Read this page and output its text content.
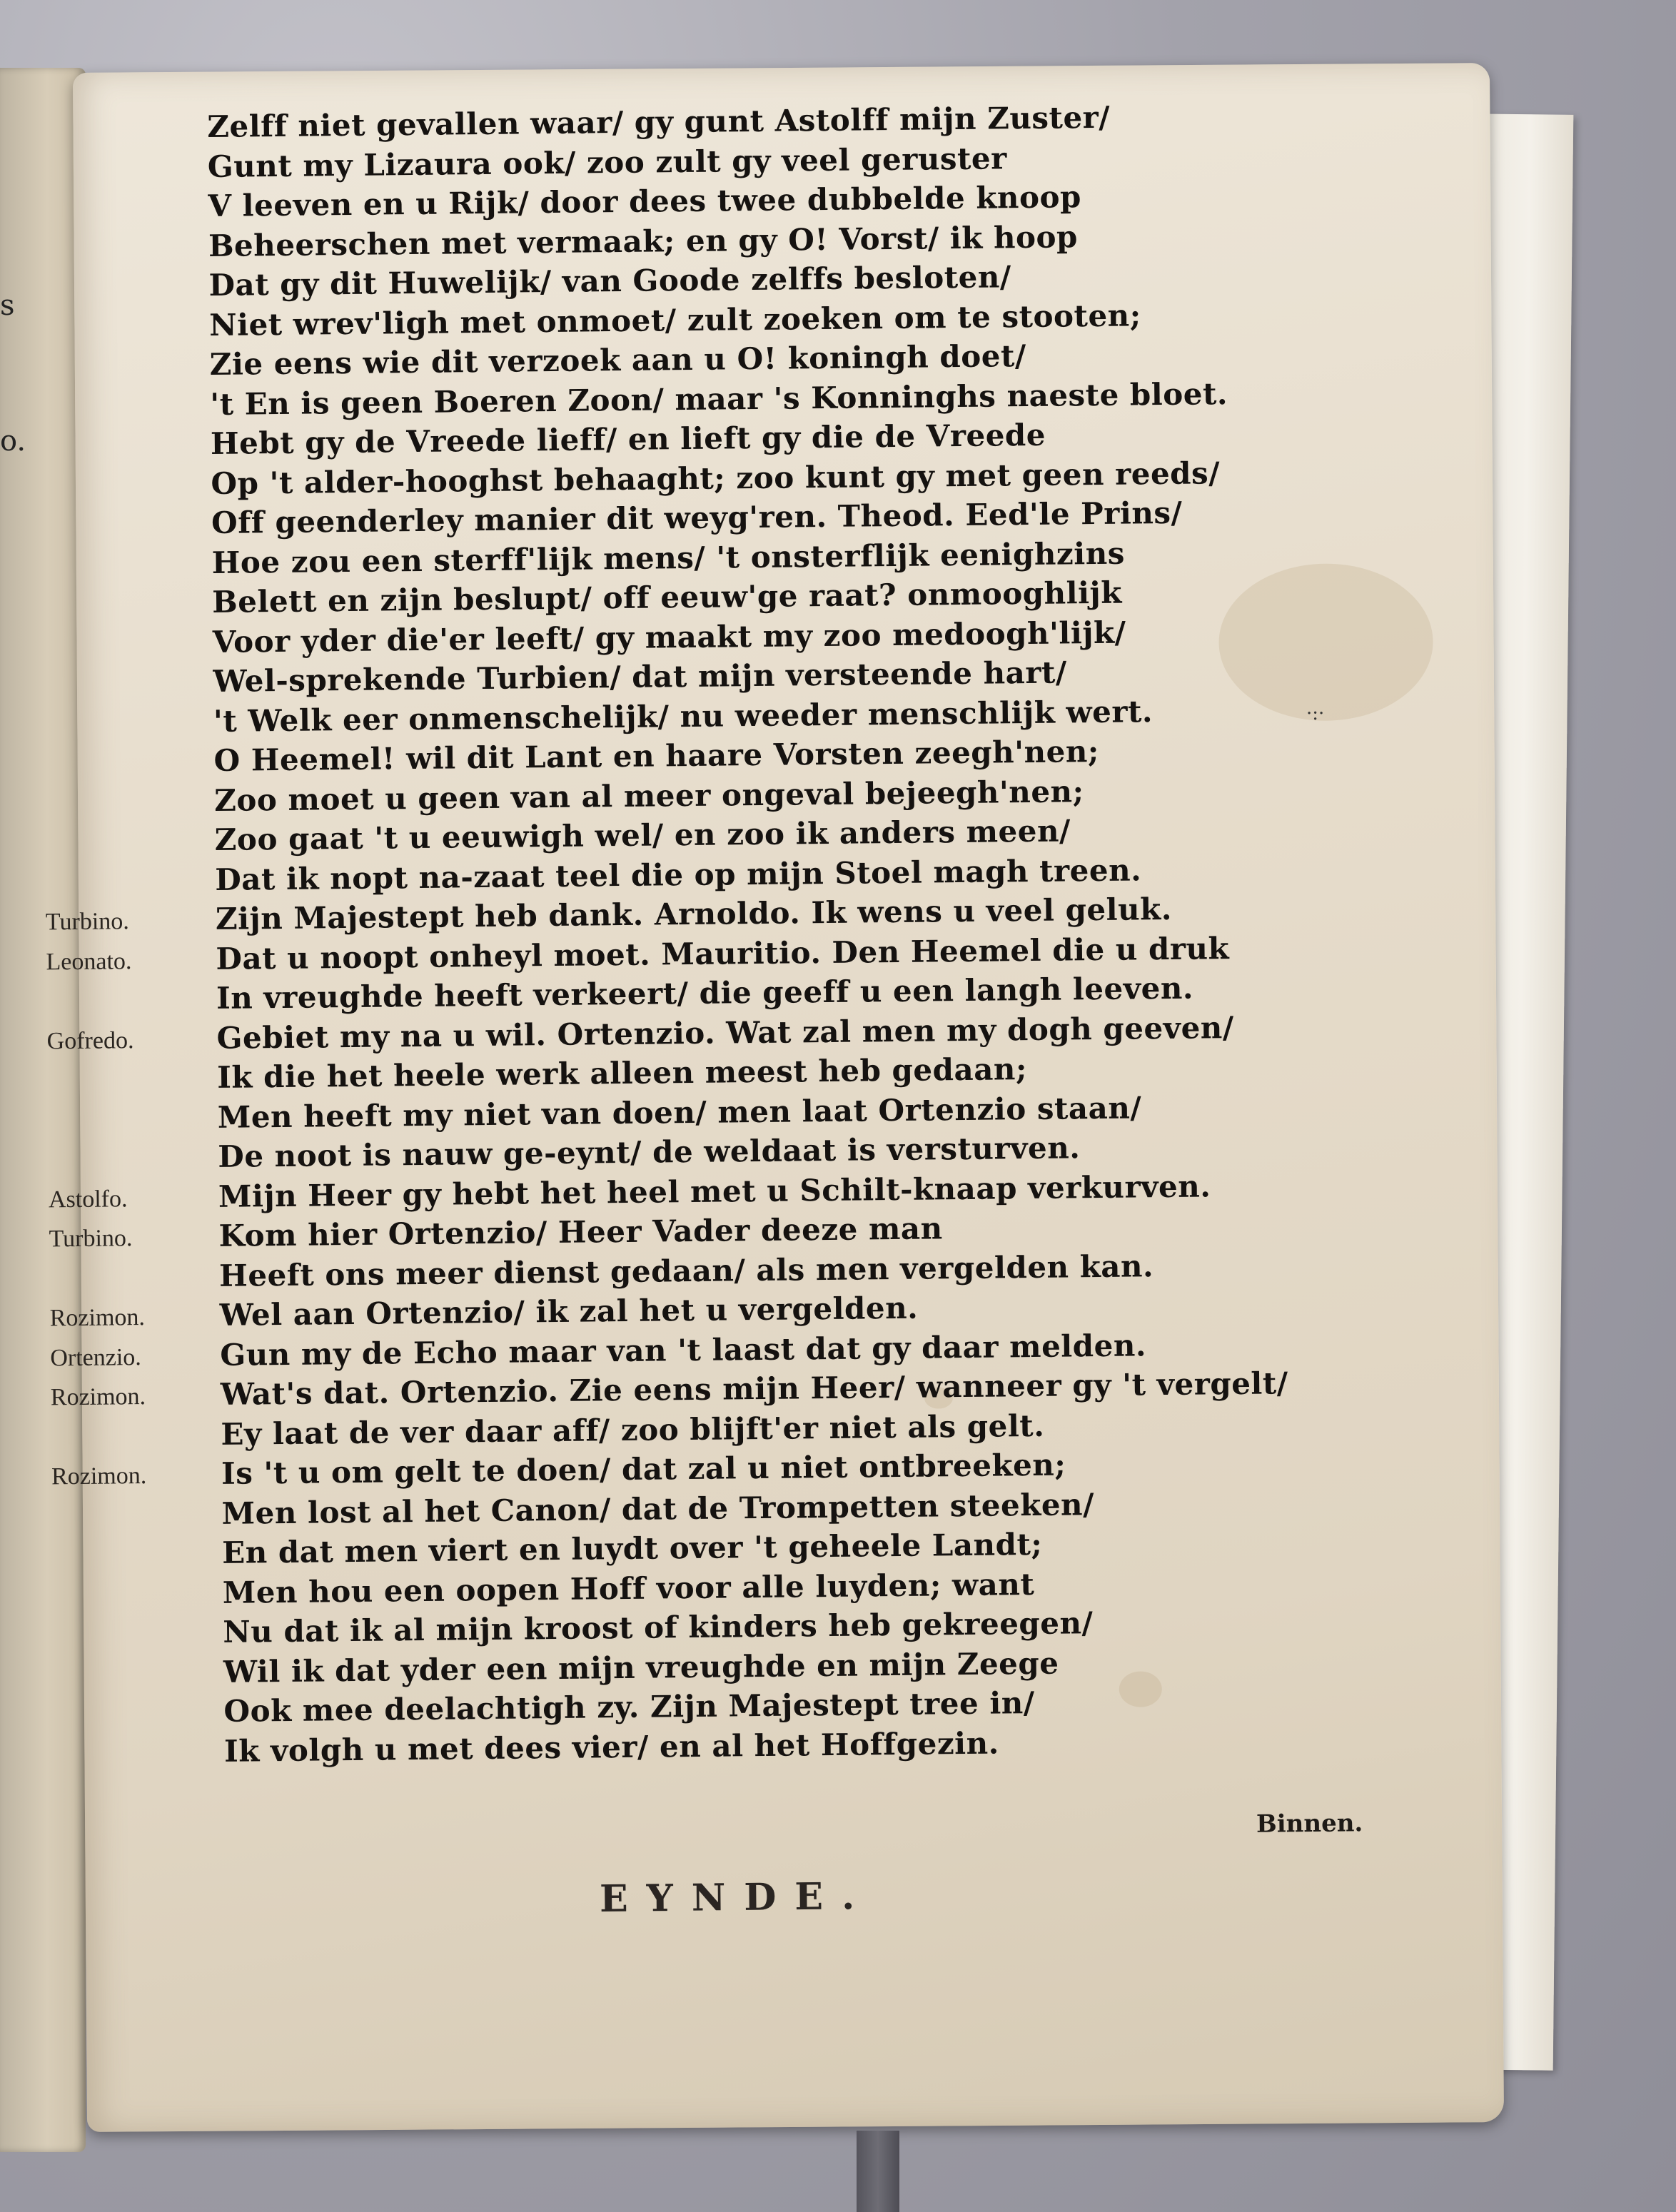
s
o.
Zelff niet gevallen waar/ gy gunt Astolff mijn Zuster/
Gunt my Lizaura ook/ zoo zult gy veel geruster
V leeven en u Rijk/ door dees twee dubbelde knoop
Beheerschen met vermaak; en gy O! Vorst/ ik hoop
Dat gy dit Huwelijk/ van Goode zelffs besloten/
Niet wrev'ligh met onmoet/ zult zoeken om te stooten;
Zie eens wie dit verzoek aan u O! koningh doet/
't En is geen Boeren Zoon/ maar 's Konninghs naeste bloet.
Hebt gy de Vreede lieff/ en lieft gy die de Vreede
Op 't alder-hooghst behaaght; zoo kunt gy met geen reeds/
Off geenderley manier dit weyg'ren. Theod. Eed'le Prins/
Hoe zou een sterff'lijk mens/ 't onsterflijk eenighzins
Belett en zijn beslupt/ off eeuw'ge raat? onmooghlijk
Voor yder die'er leeft/ gy maakt my zoo medoogh'lijk/
Wel-sprekende Turbien/ dat mijn versteende hart/
't Welk eer onmenschelijk/ nu weeder menschlijk wert.
O Heemel! wil dit Lant en haare Vorsten zeegh'nen;
Zoo moet u geen van al meer ongeval bejeegh'nen;
Zoo gaat 't u eeuwigh wel/ en zoo ik anders meen/
Dat ik nopt na-zaat teel die op mijn Stoel magh treen.
Turbino.	Zijn Majestept heb dank. Arnoldo. Ik wens u veel geluk.
Leonato.	Dat u noopt onheyl moet. Mauritio. Den Heemel die u druk
In vreughde heeft verkeert/ die geeff u een langh leeven.
Gofredo.	Gebiet my na u wil. Ortenzio. Wat zal men my dogh geeven/
Ik die het heele werk alleen meest heb gedaan;
Men heeft my niet van doen/ men laat Ortenzio staan/
De noot is nauw ge-eynt/ de weldaat is versturven.
Astolfo.	Mijn Heer gy hebt het heel met u Schilt-knaap verkurven.
Turbino.	Kom hier Ortenzio/ Heer Vader deeze man
Heeft ons meer dienst gedaan/ als men vergelden kan.
Rozimon. Wel aan Ortenzio/ ik zal het u vergelden.
Ortenzio.	Gun my de Echo maar van 't laast dat gy daar melden.
Rozimon. Wat's dat. Ortenzio. Zie eens mijn Heer/ wanneer gy 't vergelt/
Ey laat de ver daar aff/ zoo blijft'er niet als gelt.
Rozimon. Is 't u om gelt te doen/ dat zal u niet ontbreeken;
Men lost al het Canon/ dat de Trompetten steeken/
En dat men viert en luydt over 't geheele Landt;
Men hou een oopen Hoff voor alle luyden; want
Nu dat ik al mijn kroost of kinders heb gekreegen/
Wil ik dat yder een mijn vreughde en mijn Zeege
Ook mee deelachtigh zy. Zijn Majestept tree in/
Ik volgh u met dees vier/ en al het Hoffgezin.
·:·
Binnen.
EYNDE.
